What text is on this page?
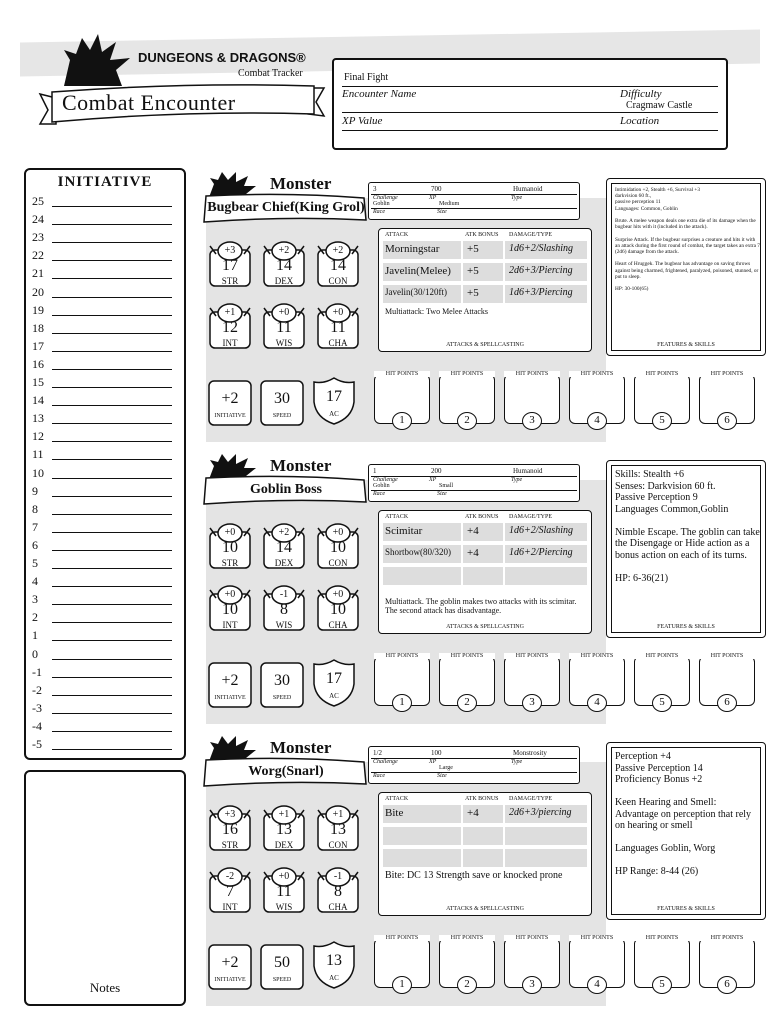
DUNGEONS & DRAGONS®
Combat Tracker
Combat Encounter
Final Fight
Encounter Name	Difficulty
Cragmaw Castle
XP Value	Location
INITIATIVE
25
24
23
22
21
20
19
18
17
16
15
14
13
12
11
10
9
8
7
6
5
4
3
2
1
0
-1
-2
-3
-4
-5
Notes
Monster
Bugbear Chief(King Grol)
3	700	Humanoid
Challenge	XP	Type
Goblin	Medium
Race	Size
+3
17
STR
+2
14
DEX
+2
14
CON
+1
12
INT
+0
11
WIS
+0
11
CHA
+2
INITIATIVE
30
SPEED
17
AC
ATTACK	ATK BONUS DAMAGE/TYPE
Morningstar	+5	1d6+2/Slashing
Javelin(Melee) +5	2d6+3/Piercing
Javelin(30/120ft) +5	1d6+3/Piercing
Multiattack: Two Melee Attacks
ATTACKS & SPELLCASTING
Intimidation +2, Stealth +6, Survival +3
darkvision 60 ft.,
passive perception 11
Languages: Common, Goblin

Brute. A melee weapon deals one extra die of its damage when the bugbear hits with it (included in the attack).

Surprise Attack. If the bugbear surprises a creature and hits it with an attack during the first round of combat, the target takes an extra 7 (2d6) damage from the attack.

Heart of Hruggek. The bugbear has advantage on saving throws against being charmed, frightened, paralyzed, poisoned, stunned, or put to sleep.

HP: 30-100(65)
FEATURES & SKILLS
HIT POINTS
1
HIT POINTS
2
HIT POINTS
3
HIT POINTS
4
HIT POINTS
5
HIT POINTS
6
Monster
Goblin Boss
1	200	Humanoid
Challenge	XP	Type
Goblin	Small
Race	Size
+0
10
STR
+2
14
DEX
+0
10
CON
+0
10
INT
-1
8
WIS
+0
10
CHA
+2
INITIATIVE
30
SPEED
17
AC
ATTACK	ATK BONUS DAMAGE/TYPE
Scimitar	+4	1d6+2/Slashing
Shortbow(80/320) +4	1d6+2/Piercing
Multiattack. The goblin makes two attacks with its scimitar. The second attack has disadvantage.
ATTACKS & SPELLCASTING
Skills: Stealth +6
Senses: Darkvision 60 ft.
Passive Perception 9
Languages Common,Goblin

Nimble Escape. The goblin can take the Disengage or Hide action as a bonus action on each of its turns.

HP: 6-36(21)
FEATURES & SKILLS
HIT POINTS
1
HIT POINTS
2
HIT POINTS
3
HIT POINTS
4
HIT POINTS
5
HIT POINTS
6
Monster
Worg(Snarl)
1/2	100	Monstrosity
Challenge	XP	Type
Large
Race	Size
+3
16
STR
+1
13
DEX
+1
13
CON
-2
7
INT
+0
11
WIS
-1
8
CHA
+2
INITIATIVE
50
SPEED
13
AC
ATTACK	ATK BONUS DAMAGE/TYPE
Bite	+4	2d6+3/piercing
Bite: DC 13 Strength save or knocked prone
ATTACKS & SPELLCASTING
Perception +4
Passive Perception 14
Proficiency Bonus +2

Keen Hearing and Smell: Advantage on perception that rely on hearing or smell

Languages Goblin, Worg

HP Range: 8-44 (26)
FEATURES & SKILLS
HIT POINTS
1
HIT POINTS
2
HIT POINTS
3
HIT POINTS
4
HIT POINTS
5
HIT POINTS
6
